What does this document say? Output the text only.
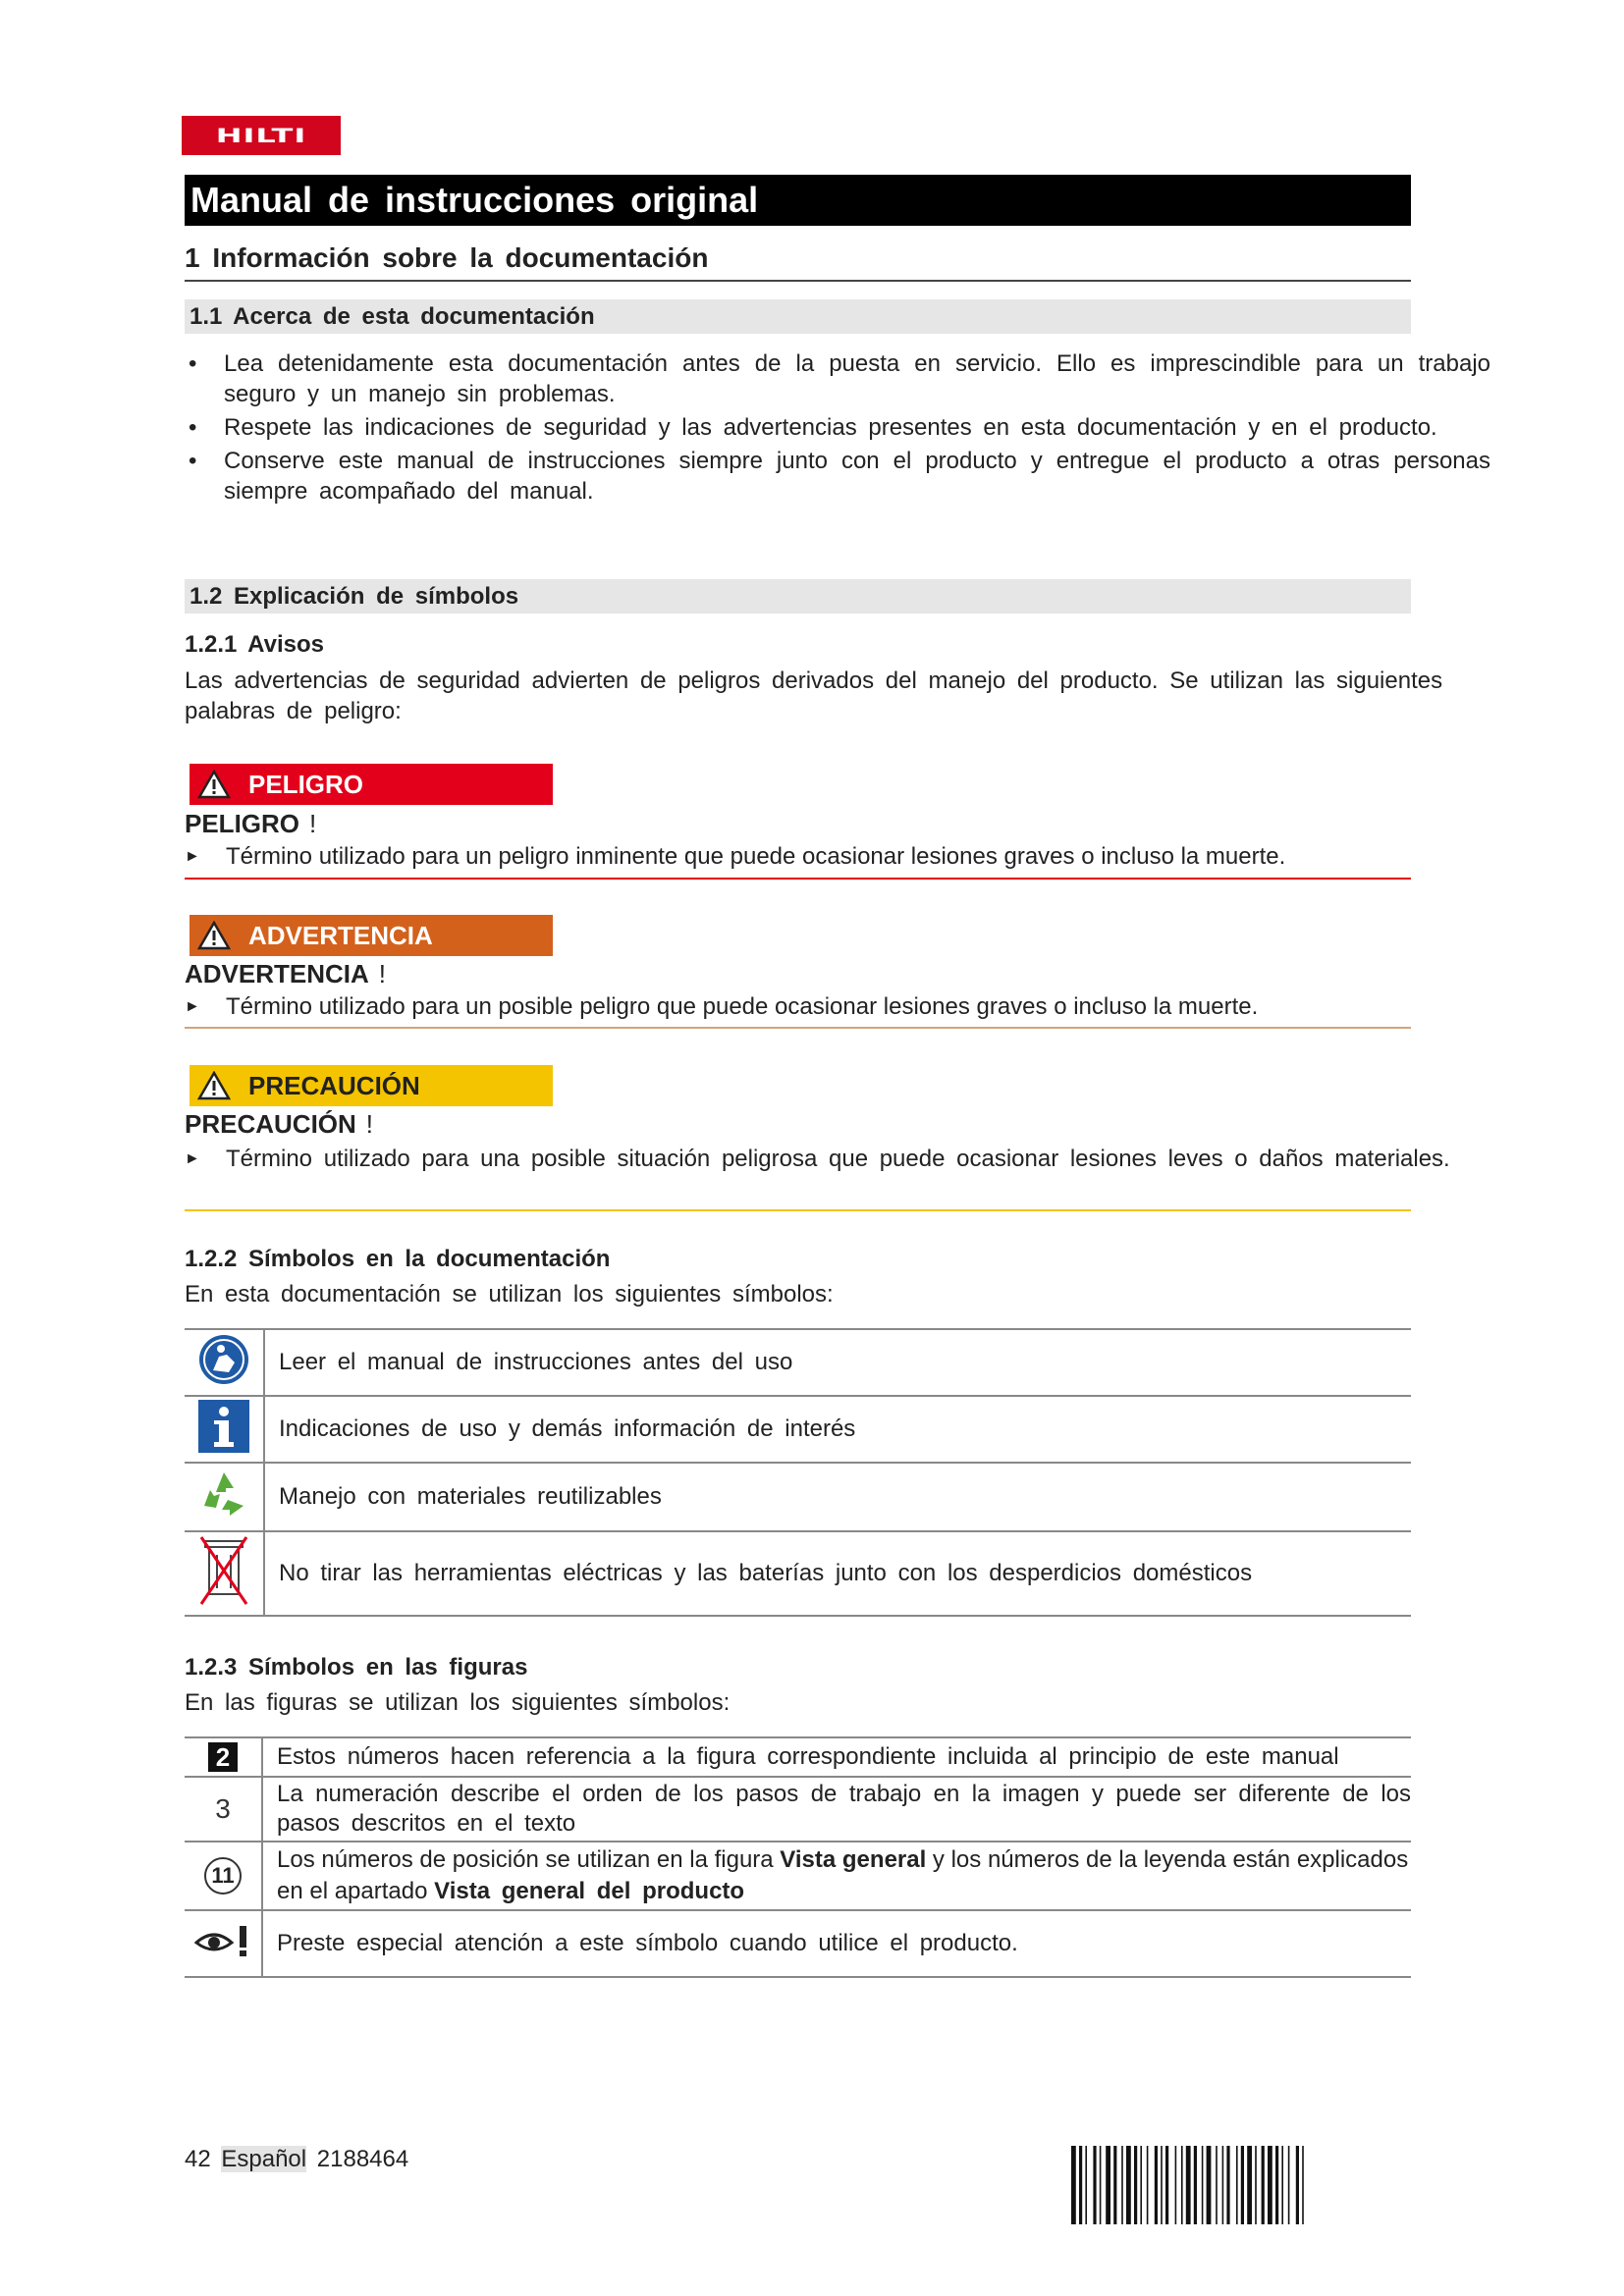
HILTI
Manual de instrucciones original
1 Información sobre la documentación
1.1 Acerca de esta documentación
• Lea detenidamente esta documentación antes de la puesta en servicio. Ello es imprescindible para un trabajo seguro y un manejo sin problemas.
• Respete las indicaciones de seguridad y las advertencias presentes en esta documentación y en el producto.
• Conserve este manual de instrucciones siempre junto con el producto y entregue el producto a otras personas siempre acompañado del manual.
1.2 Explicación de símbolos
1.2.1 Avisos
Las advertencias de seguridad advierten de peligros derivados del manejo del producto. Se utilizan las siguientes palabras de peligro:
PELIGRO
PELIGRO !
► Término utilizado para un peligro inminente que puede ocasionar lesiones graves o incluso la muerte.
ADVERTENCIA
ADVERTENCIA !
► Término utilizado para un posible peligro que puede ocasionar lesiones graves o incluso la muerte.
PRECAUCIÓN
PRECAUCIÓN !
► Término utilizado para una posible situación peligrosa que puede ocasionar lesiones leves o daños materiales.
1.2.2 Símbolos en la documentación
En esta documentación se utilizan los siguientes símbolos:
	Leer el manual de instrucciones antes del uso
	Indicaciones de uso y demás información de interés
	Manejo con materiales reutilizables
	No tirar las herramientas eléctricas y las baterías junto con los desperdicios domésticos
1.2.3 Símbolos en las figuras
En las figuras se utilizan los siguientes símbolos:
2	Estos números hacen referencia a la figura correspondiente incluida al principio de este manual
3	La numeración describe el orden de los pasos de trabajo en la imagen y puede ser diferente de los pasos descritos en el texto
11	Los números de posición se utilizan en la figura Vista general y los números de la leyenda están explicados en el apartado Vista general del producto
	Preste especial atención a este símbolo cuando utilice el producto.
42 Español 2188464
